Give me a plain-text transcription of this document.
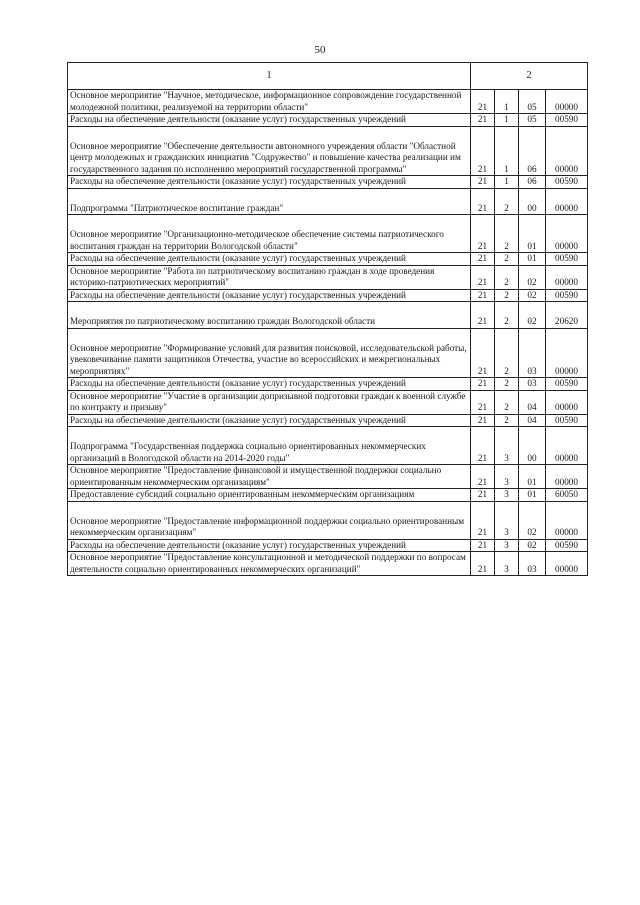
50
1	2			
Основное мероприятие "Научное, методическое, информационное сопровождение государственной молодежной политики, реализуемой на территории области"	21	1	05	00000
Расходы на обеспечение деятельности (оказание услуг) государственных учреждений	21	1	05	00590
Основное мероприятие "Обеспечение деятельности автономного учреждения области "Областной центр молодежных и гражданских инициатив "Содружество" и повышение качества реализации им государственного задания по исполнению мероприятий государственной программы"	21	1	06	00000
Расходы на обеспечение деятельности (оказание услуг) государственных учреждений	21	1	06	00590
Подпрограмма "Патриотическое воспитание граждан"	21	2	00	00000
Основное мероприятие "Организационно-методическое обеспечение системы патриотического воспитания граждан на территории Вологодской области"	21	2	01	00000
Расходы на обеспечение деятельности (оказание услуг) государственных учреждений	21	2	01	00590
Основное мероприятие "Работа по патриотическому воспитанию граждан в ходе проведения историко-патриотических мероприятий"	21	2	02	00000
Расходы на обеспечение деятельности (оказание услуг) государственных учреждений	21	2	02	00590
Мероприятия по патриотическому воспитанию граждан Вологодской области	21	2	02	20620
Основное мероприятие "Формирование условий для развития поисковой, исследовательской работы, увековечивание памяти защитников Отечества, участие во всероссийских и межрегиональных мероприятиях"	21	2	03	00000
Расходы на обеспечение деятельности (оказание услуг) государственных учреждений	21	2	03	00590
Основное мероприятие "Участие в организации допризывной подготовки граждан к военной службе по контракту и призыву"	21	2	04	00000
Расходы на обеспечение деятельности (оказание услуг) государственных учреждений	21	2	04	00590
Подпрограмма "Государственная поддержка социально ориентированных некоммерческих организаций в Вологодской области на 2014-2020 годы"	21	3	00	00000
Основное мероприятие "Предоставление финансовой и имущественной поддержки социально ориентированным некоммерческим организациям"	21	3	01	00000
Предоставление субсидий социально ориентированным некоммерческим организациям	21	3	01	60050
Основное мероприятие "Предоставление информационной поддержки социально ориентированным некоммерческим организациям"	21	3	02	00000
Расходы на обеспечение деятельности (оказание услуг) государственных учреждений	21	3	02	00590
Основное мероприятие "Предоставление консультационной и методической поддержки по вопросам деятельности социально ориентированных некоммерческих организаций"	21	3	03	00000
